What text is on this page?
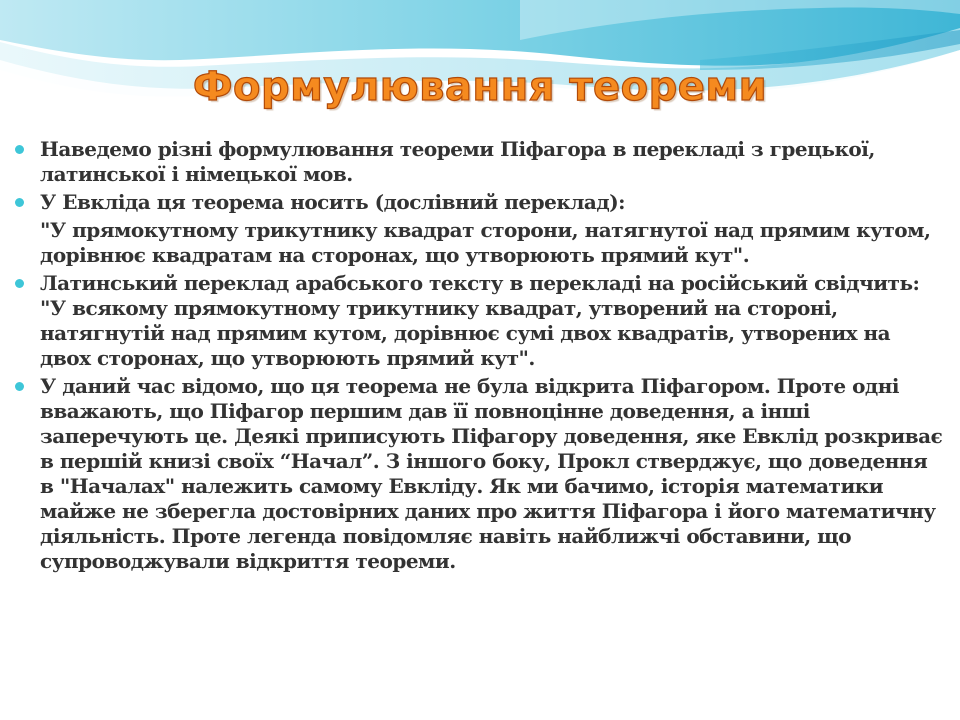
Формулювання теореми

Наведемо різні формулювання теореми Піфагора в перекладі з грецької, латинської і німецької мов.

У Евкліда ця теорема носить (дослівний переклад):

"У прямокутному трикутнику квадрат сторони, натягнутої над прямим кутом, дорівнює квадратам на сторонах, що утворюють прямий кут".

Латинський переклад арабського тексту в перекладі на російський свідчить: "У всякому прямокутному трикутнику квадрат, утворений на стороні, натягнутій над прямим кутом, дорівнює сумі двох квадратів, утворених на двох сторонах, що утворюють прямий кут".

У даний час відомо, що ця теорема не була відкрита Піфагором. Проте одні вважають, що Піфагор першим дав її повноцінне доведення, а інші заперечують це. Деякі приписують Піфагору доведення, яке Евклід розкриває в першій книзі своїх “Начал”. З іншого боку, Прокл стверджує, що доведення в "Началах" належить самому Евкліду. Як ми бачимо, історія математики майже не зберегла достовірних даних про життя Піфагора і його математичну діяльність. Проте легенда повідомляє навіть найближчі обставини, що супроводжували відкриття теореми.
